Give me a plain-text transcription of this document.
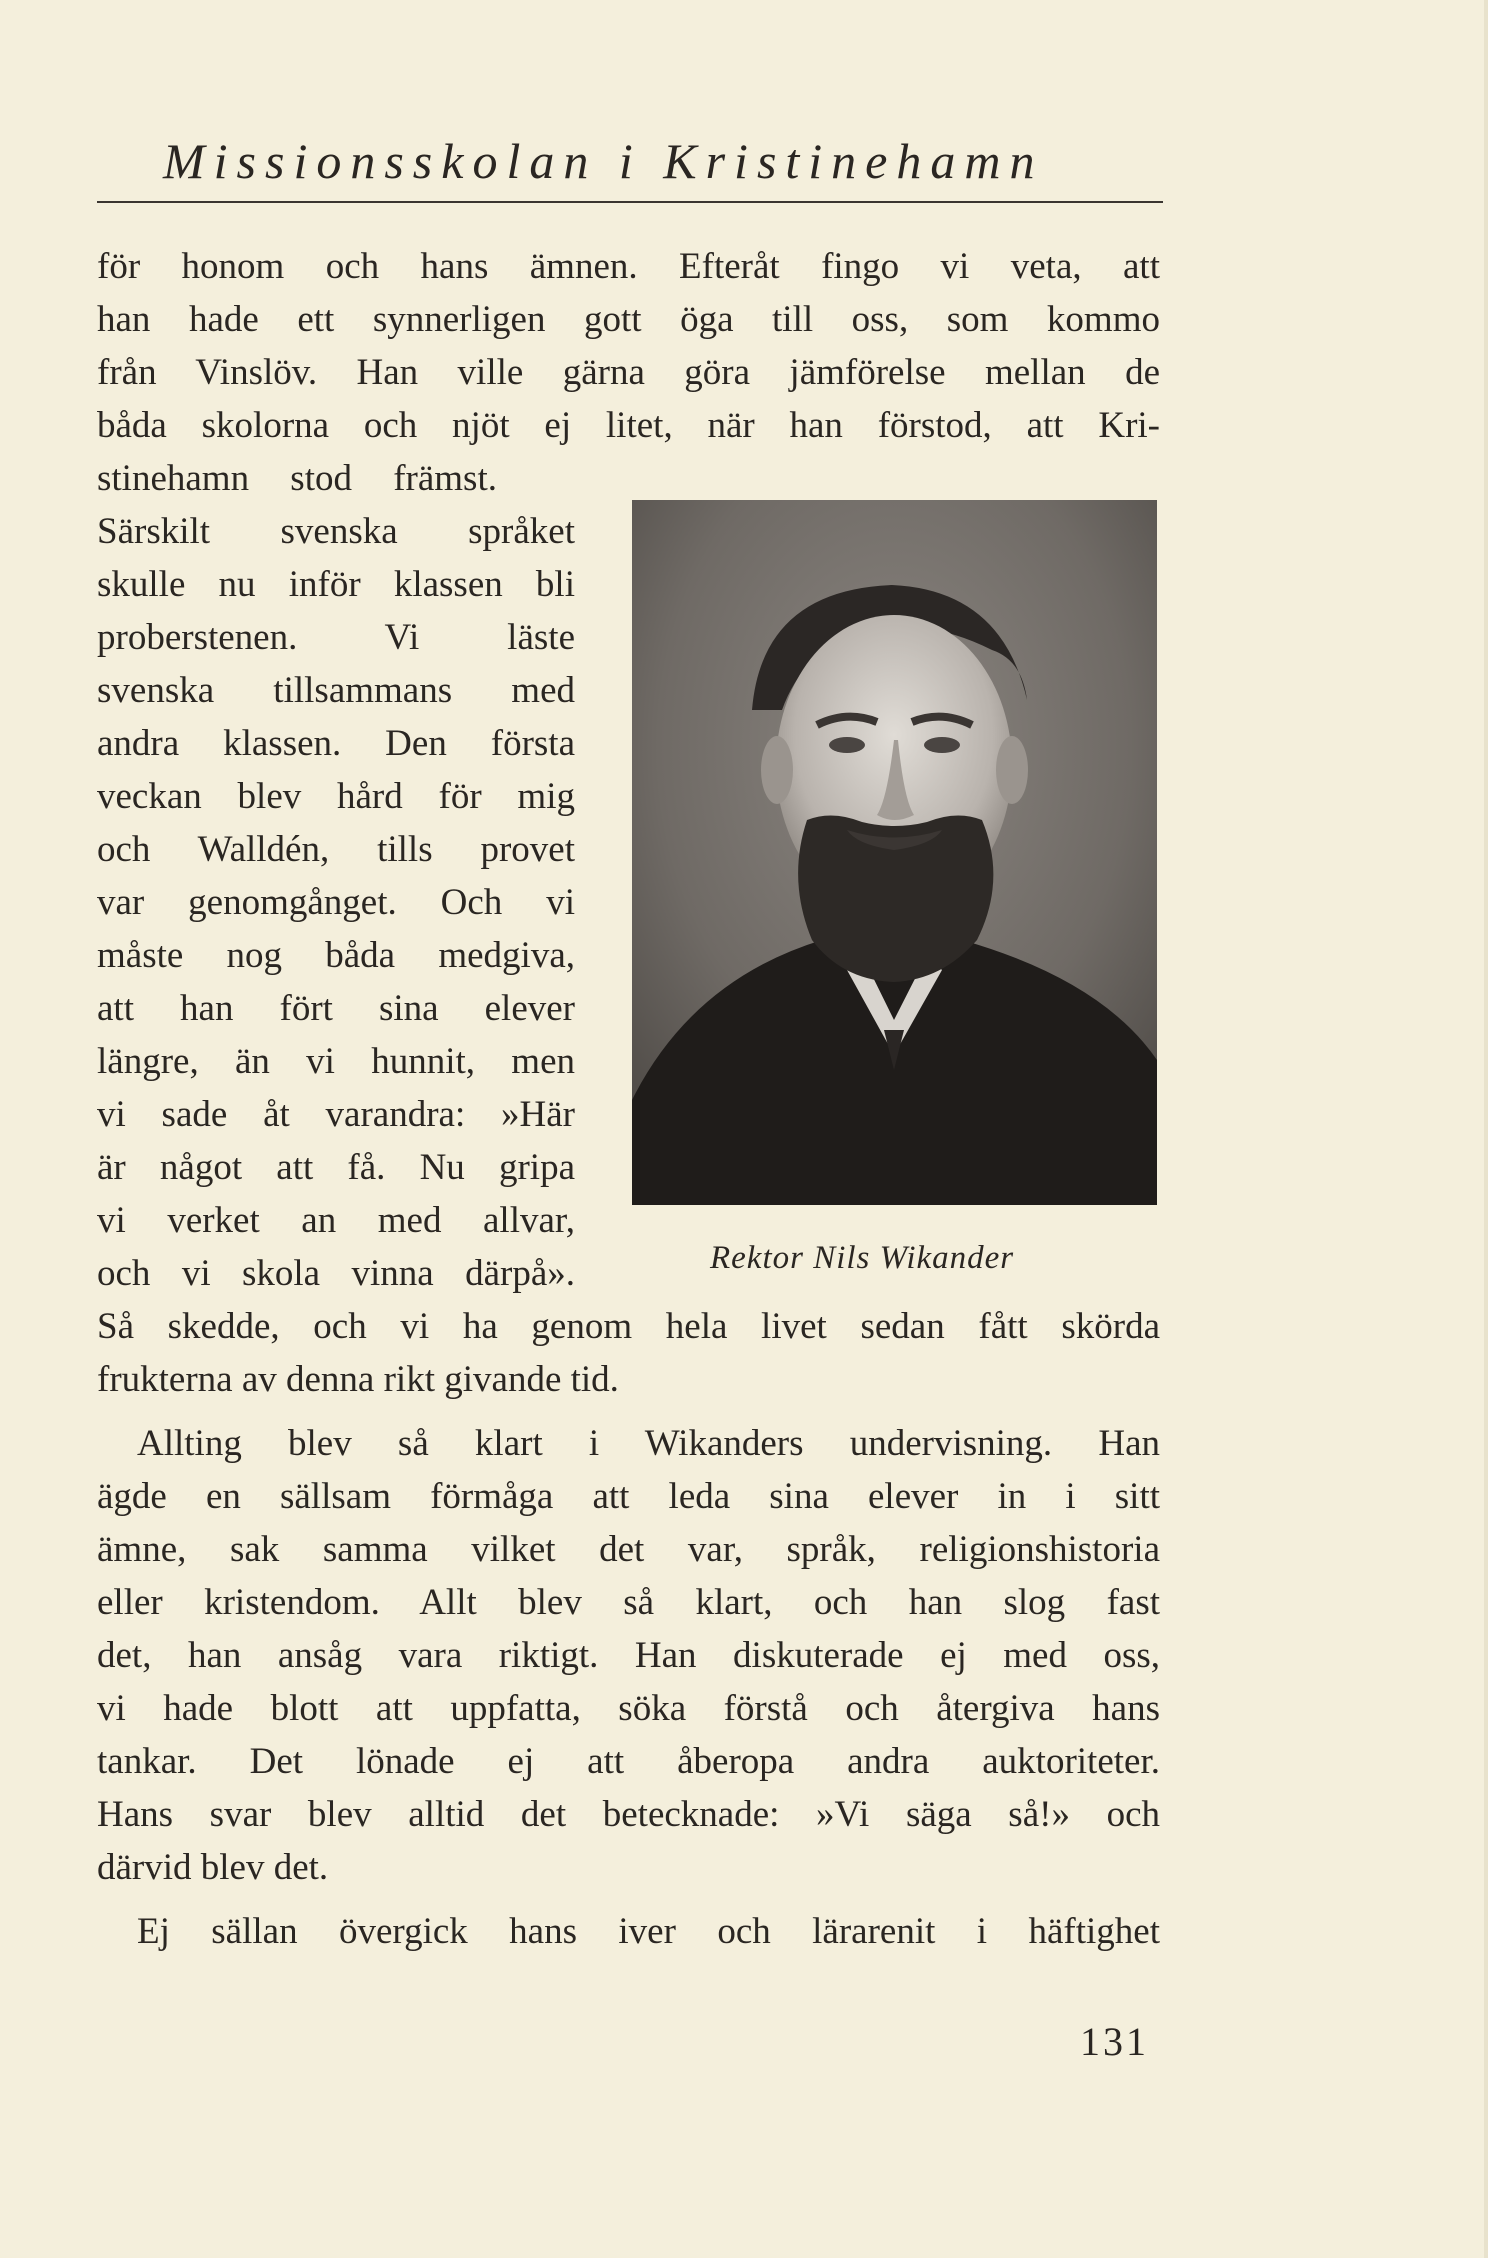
Missionsskolan i Kristinehamn
för honom och hans ämnen. Efteråt fingo vi veta, att
han hade ett synnerligen gott öga till oss, som kommo
från Vinslöv. Han ville gärna göra jämförelse mellan de
båda skolorna och njöt ej litet, när han förstod, att Kri-
stinehamn stod främst.
Särskilt svenska språket
skulle nu inför klassen bli
proberstenen. Vi läste
svenska tillsammans med
andra klassen. Den första
veckan blev hård för mig
och Walldén, tills provet
var genomgånget. Och vi
måste nog båda medgiva,
att han fört sina elever
längre, än vi hunnit, men
vi sade åt varandra: »Här
är något att få. Nu gripa
vi verket an med allvar,
och vi skola vinna därpå».	Rektor Nils Wikander
Så skedde, och vi ha genom hela livet sedan fått skörda
frukterna av denna rikt givande tid.
Allting blev så klart i Wikanders undervisning. Han
ägde en sällsam förmåga att leda sina elever in i sitt
ämne, sak samma vilket det var, språk, religionshistoria
eller kristendom. Allt blev så klart, och han slog fast
det, han ansåg vara riktigt. Han diskuterade ej med oss,
vi hade blott att uppfatta, söka förstå och återgiva hans
tankar. Det lönade ej att åberopa andra auktoriteter.
Hans svar blev alltid det betecknade: »Vi säga så!» och
därvid blev det.
Ej sällan övergick hans iver och lärarenit i häftighet
131
